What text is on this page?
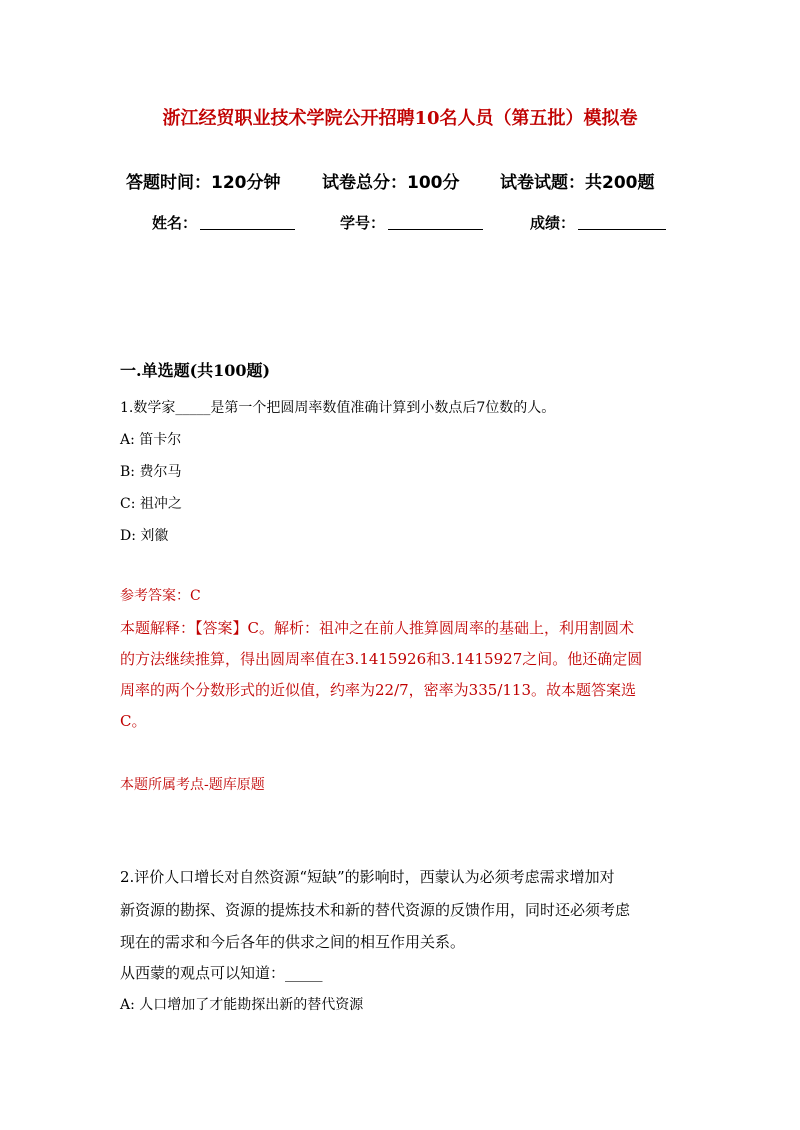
浙江经贸职业技术学院公开招聘10名人员（第五批）模拟卷
答题时间：120分钟 试卷总分：100分 试卷试题：共200题
姓名：	学号：	成绩：
一.单选题(共100题)
1.数学家_____是第一个把圆周率数值准确计算到小数点后7位数的人。
A: 笛卡尔
B: 费尔马
C: 祖冲之
D: 刘徽
参考答案：C
本题解释：【答案】C。解析：祖冲之在前人推算圆周率的基础上，利用割圆术
的方法继续推算，得出圆周率值在3.1415926和3.1415927之间。他还确定圆
周率的两个分数形式的近似值，约率为22/7，密率为335/113。故本题答案选
C。
本题所属考点-题库原题
2.评价人口增长对自然资源“短缺”的影响时，西蒙认为必须考虑需求增加对
新资源的勘探、资源的提炼技术和新的替代资源的反馈作用，同时还必须考虑
现在的需求和今后各年的供求之间的相互作用关系。
从西蒙的观点可以知道：_____
A: 人口增加了才能勘探出新的替代资源
